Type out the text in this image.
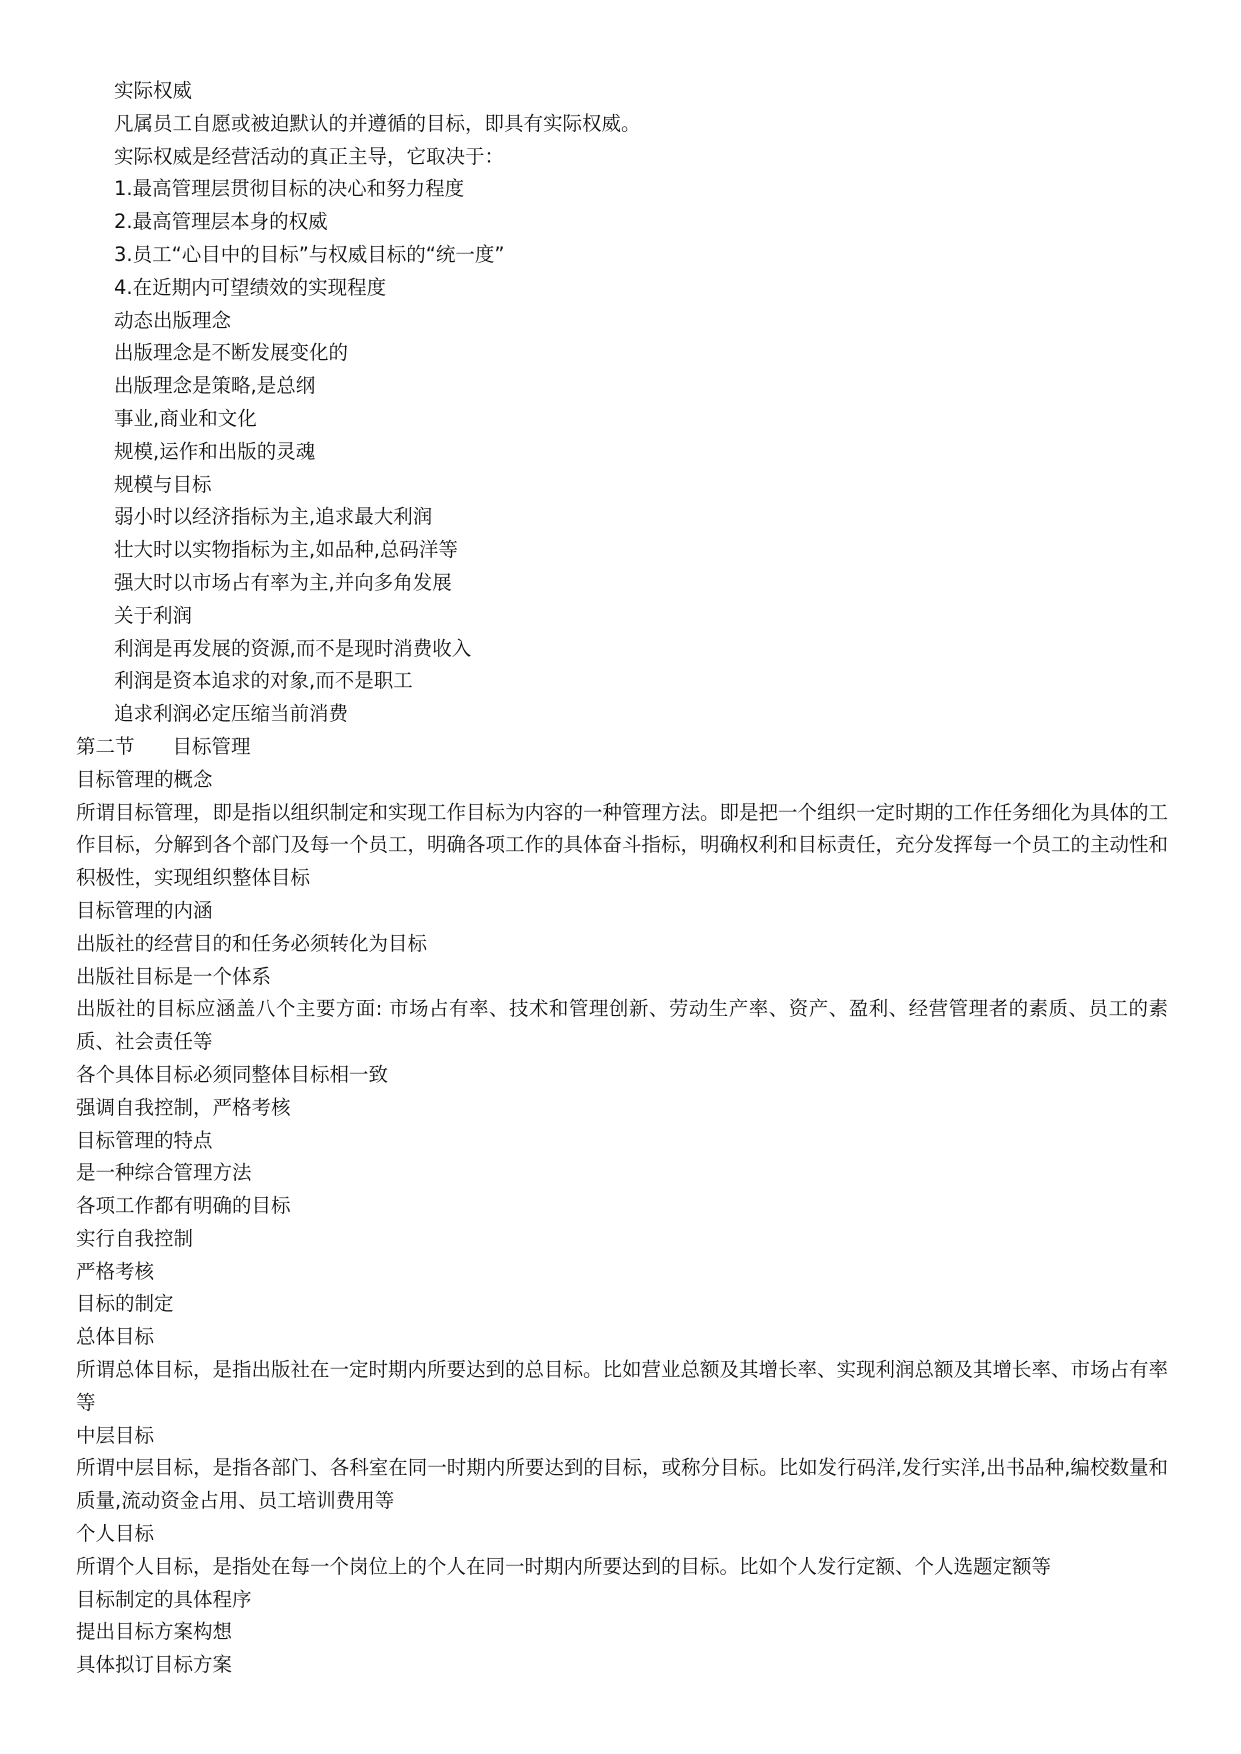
实际权威
凡属员工自愿或被迫默认的并遵循的目标，即具有实际权威。
实际权威是经营活动的真正主导，它取决于：
1.最高管理层贯彻目标的决心和努力程度
2.最高管理层本身的权威
3.员工“心目中的目标”与权威目标的“统一度”
4.在近期内可望绩效的实现程度
动态出版理念
出版理念是不断发展变化的
出版理念是策略,是总纲
事业,商业和文化
规模,运作和出版的灵魂
规模与目标
弱小时以经济指标为主,追求最大利润
壮大时以实物指标为主,如品种,总码洋等
强大时以市场占有率为主,并向多角发展
关于利润
利润是再发展的资源,而不是现时消费收入
利润是资本追求的对象,而不是职工
追求利润必定压缩当前消费
第二节 目标管理
目标管理的概念
所谓目标管理，即是指以组织制定和实现工作目标为内容的一种管理方法。即是把一个组织一定时期的工作任务细化为具体的工作目标，分解到各个部门及每一个员工，明确各项工作的具体奋斗指标，明确权利和目标责任，充分发挥每一个员工的主动性和积极性，实现组织整体目标
目标管理的内涵
出版社的经营目的和任务必须转化为目标
出版社目标是一个体系
出版社的目标应涵盖八个主要方面: 市场占有率、技术和管理创新、劳动生产率、资产、盈利、经营管理者的素质、员工的素质、社会责任等
各个具体目标必须同整体目标相一致
强调自我控制，严格考核
目标管理的特点
是一种综合管理方法
各项工作都有明确的目标
实行自我控制
严格考核
目标的制定
总体目标
所谓总体目标，是指出版社在一定时期内所要达到的总目标。比如营业总额及其增长率、实现利润总额及其增长率、市场占有率等
中层目标
所谓中层目标，是指各部门、各科室在同一时期内所要达到的目标，或称分目标。比如发行码洋,发行实洋,出书品种,编校数量和质量,流动资金占用、员工培训费用等
个人目标
所谓个人目标，是指处在每一个岗位上的个人在同一时期内所要达到的目标。比如个人发行定额、个人选题定额等
目标制定的具体程序
提出目标方案构想
具体拟订目标方案
